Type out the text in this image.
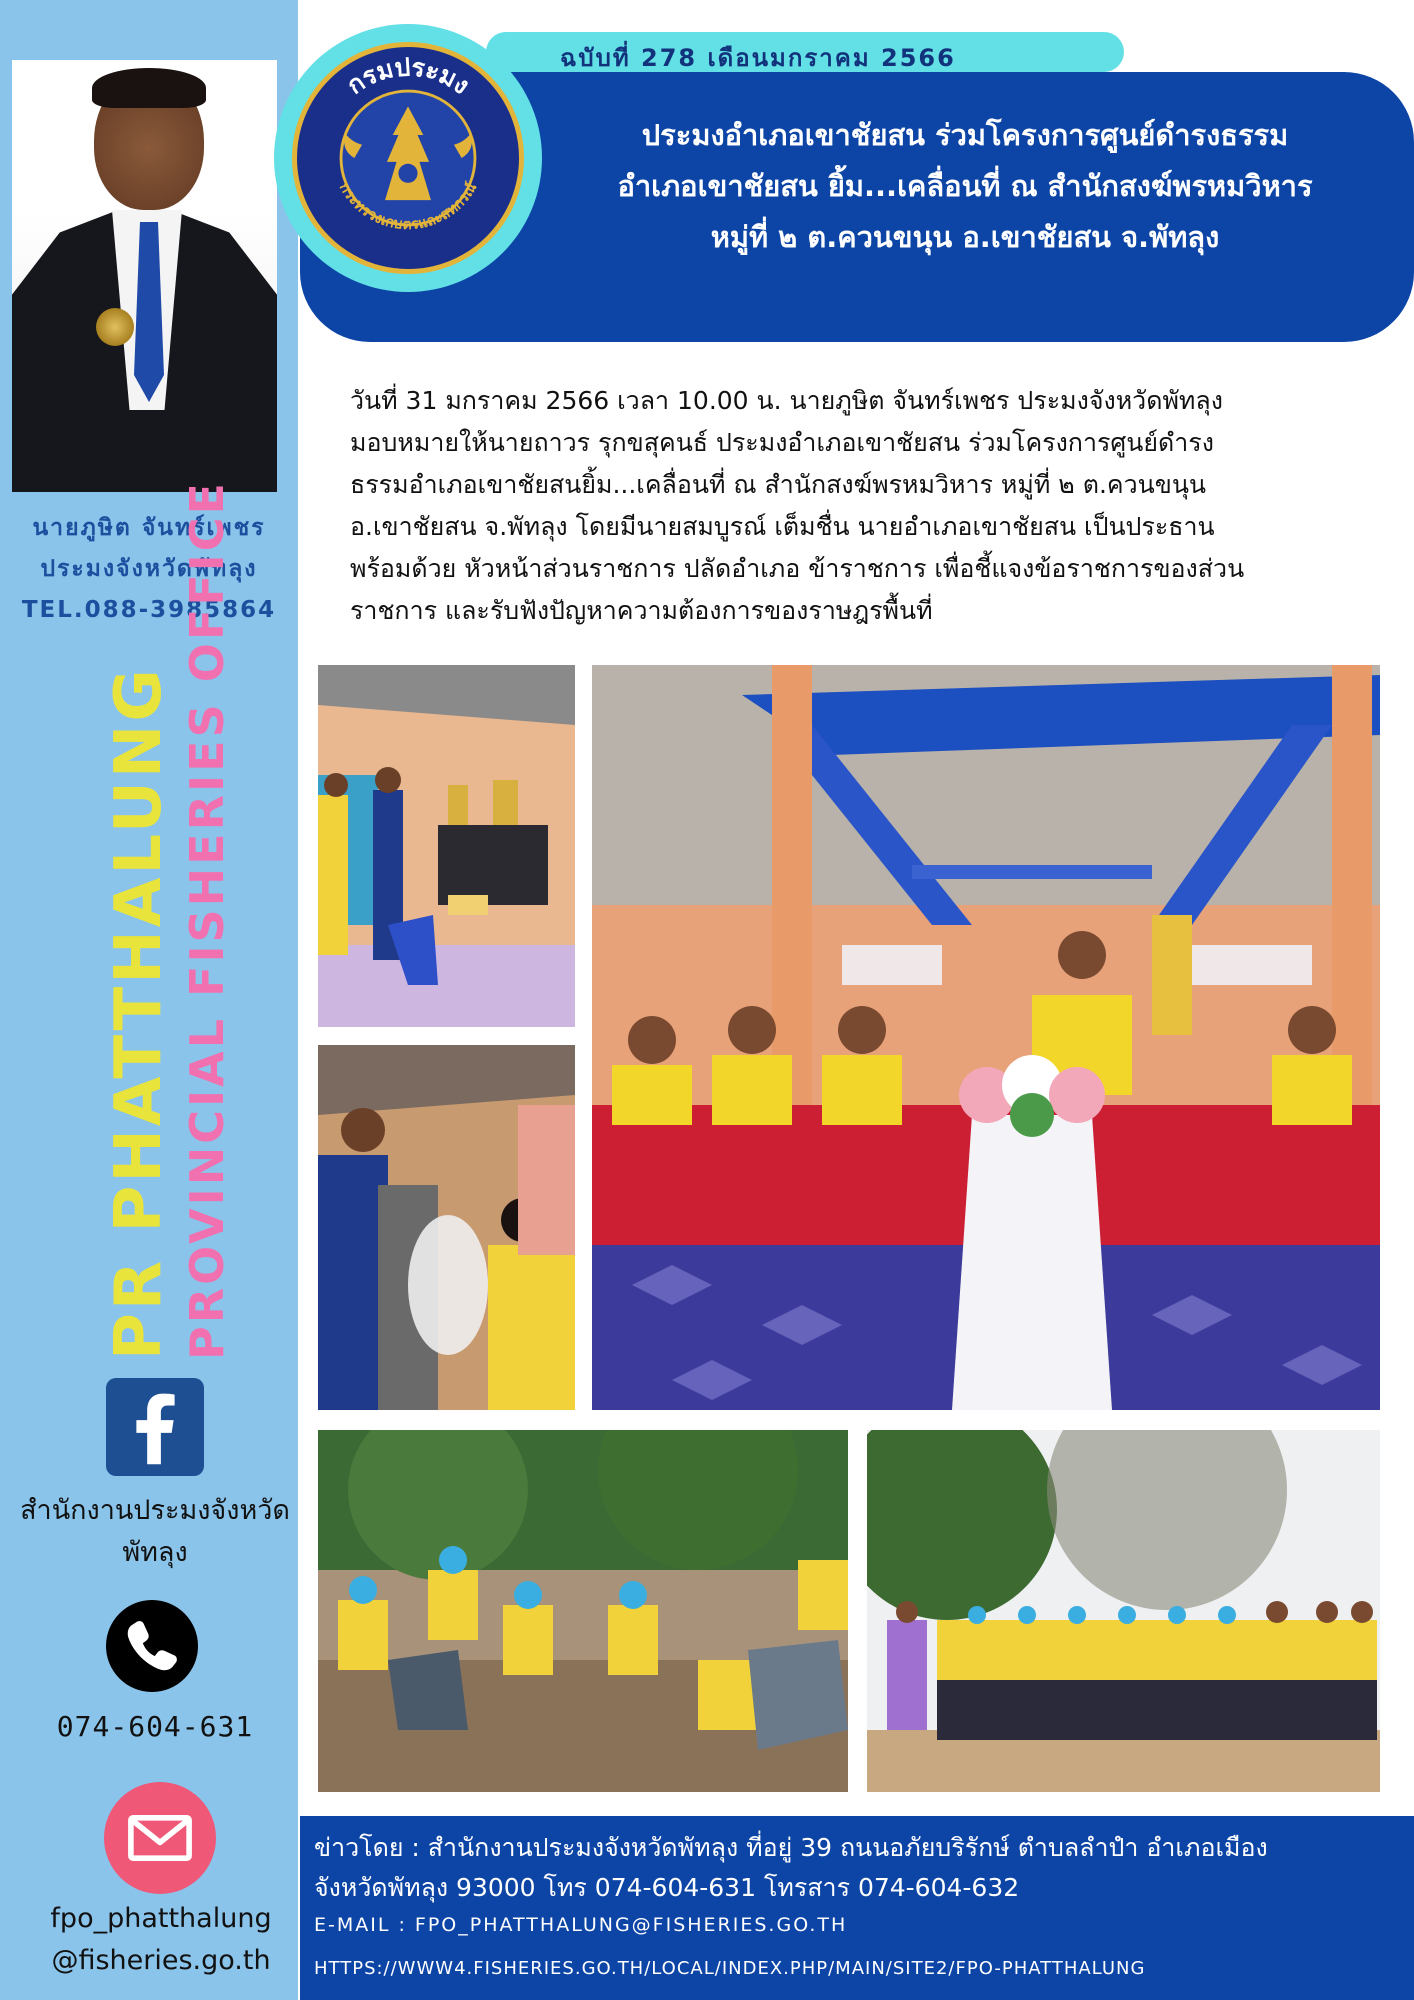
นายภูษิต จันทร์เพชร
ประมงจังหวัดพัทลุง
TEL.088-3985864
PR PHATTHALUNG PROVINCIAL FISHERIES OFFICE
สำนักงานประมงจังหวัด
พัทลุง
074-604-631
fpo_phatthalung
@fisheries.go.th
ฉบับที่ 278 เดือนมกราคม 2566
ประมงอำเภอเขาชัยสน ร่วมโครงการศูนย์ดำรงธรรม
อำเภอเขาชัยสน ยิ้ม...เคลื่อนที่ ณ สำนักสงฆ์พรหมวิหาร
หมู่ที่ ๒ ต.ควนขนุน อ.เขาชัยสน จ.พัทลุง
กรมประมง
กระทรวงเกษตรและสหกรณ์
วันที่ 31 มกราคม 2566 เวลา 10.00 น. นายภูษิต จันทร์เพชร ประมงจังหวัดพัทลุง
มอบหมายให้นายถาวร รุกขสุคนธ์ ประมงอำเภอเขาชัยสน ร่วมโครงการศูนย์ดำรง
ธรรมอำเภอเขาชัยสนยิ้ม...เคลื่อนที่ ณ สำนักสงฆ์พรหมวิหาร หมู่ที่ ๒ ต.ควนขนุน
อ.เขาชัยสน จ.พัทลุง โดยมีนายสมบูรณ์ เต็มชื่น นายอำเภอเขาชัยสน เป็นประธาน
พร้อมด้วย หัวหน้าส่วนราชการ ปลัดอำเภอ ข้าราชการ เพื่อชี้แจงข้อราชการของส่วน
ราชการ และรับฟังปัญหาความต้องการของราษฎรพื้นที่
ข่าวโดย : สำนักงานประมงจังหวัดพัทลุง ที่อยู่ 39 ถนนอภัยบริรักษ์ ตำบลลำปำ อำเภอเมือง
จังหวัดพัทลุง 93000 โทร 074-604-631 โทรสาร 074-604-632
E-MAIL : FPO_PHATTHALUNG@FISHERIES.GO.TH
HTTPS://WWW4.FISHERIES.GO.TH/LOCAL/INDEX.PHP/MAIN/SITE2/FPO-PHATTHALUNG
